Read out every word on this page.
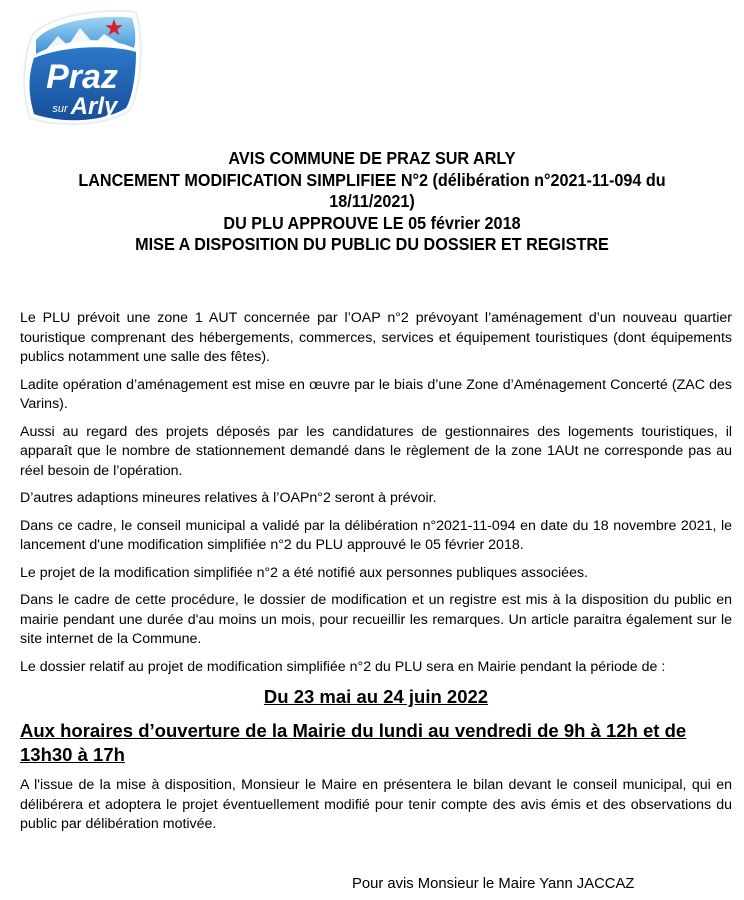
Praz
sur Arly
AVIS COMMUNE DE PRAZ SUR ARLY
LANCEMENT MODIFICATION SIMPLIFIEE N°2 (délibération n°2021-11-094 du
18/11/2021)
DU PLU APPROUVE LE 05 février 2018
MISE A DISPOSITION DU PUBLIC DU DOSSIER ET REGISTRE

Le PLU prévoit une zone 1 AUT concernée par l’OAP n°2 prévoyant l’aménagement d’un nouveau quartier touristique comprenant des hébergements, commerces, services et équipement touristiques (dont équipements publics notamment une salle des fêtes).

Ladite opération d’aménagement est mise en œuvre par le biais d’une Zone d’Aménagement Concerté (ZAC des Varins).

Aussi au regard des projets déposés par les candidatures de gestionnaires des logements touristiques, il apparaît que le nombre de stationnement demandé dans le règlement de la zone 1AUt ne corresponde pas au réel besoin de l’opération.

D’autres adaptions mineures relatives à l’OAPn°2 seront à prévoir.

Dans ce cadre, le conseil municipal a validé par la délibération n°2021-11-094 en date du 18 novembre 2021, le lancement d'une modification simplifiée n°2 du PLU approuvé le 05 février 2018.

Le projet de la modification simplifiée n°2 a été notifié aux personnes publiques associées.

Dans le cadre de cette procédure, le dossier de modification et un registre est mis à la disposition du public en mairie pendant une durée d'au moins un mois, pour recueillir les remarques. Un article paraitra également sur le site internet de la Commune.

Le dossier relatif au projet de modification simplifiée n°2 du PLU sera en Mairie pendant la période de :

Du 23 mai au 24 juin 2022
Aux horaires d’ouverture de la Mairie du lundi au vendredi de 9h à 12h et de 13h30 à 17h

A l'issue de la mise à disposition, Monsieur le Maire en présentera le bilan devant le conseil municipal, qui en délibérera et adoptera le projet éventuellement modifié pour tenir compte des avis émis et des observations du public par délibération motivée.

Pour avis Monsieur le Maire Yann JACCAZ
